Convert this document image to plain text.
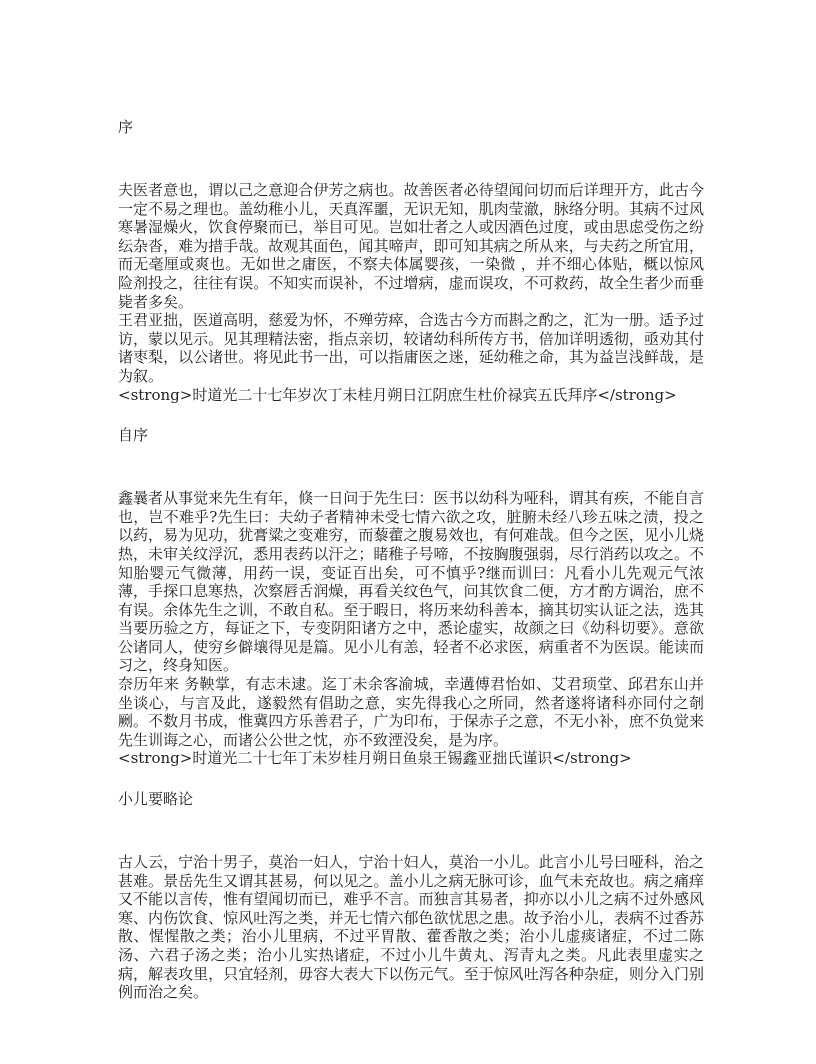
序

夫医者意也，谓以己之意迎合伊芳之病也。故善医者必待望闻问切而后详理开方，此古今一定不易之理也。盖幼稚小儿，天真浑噩，无识无知，肌肉莹澈，脉络分明。其病不过风寒暑湿燥火，饮食停聚而已，举目可见。岂如壮者之人或因酒色过度，或由思虑受伤之纷纭杂沓，难为措手哉。故观其面色，闻其啼声，即可知其病之所从来，与夫药之所宜用，而无毫厘或爽也。无如世之庸医，不察夫体属婴孩，一染微 ，并不细心体贴，概以惊风险剂投之，往往有误。不知实而误补，不过增病，虚而误攻，不可救药，故全生者少而垂毙者多矣。

王君亚拙，医道高明，慈爱为怀，不殚劳瘁，合选古今方而斟之酌之，汇为一册。适予过访，蒙以见示。见其理精法密，指点亲切，较诸幼科所传方书，倍加详明透彻，亟劝其付诸枣梨，以公诸世。将见此书一出，可以指庸医之迷，延幼稚之命，其为益岂浅鲜哉，是为叙。

<strong>时道光二十七年岁次丁未桂月朔日江阴庶生杜价禄宾五氏拜序</strong>

自序

鑫曩者从事觉来先生有年，倏一日问于先生曰：医书以幼科为哑科，谓其有疾，不能自言也，岂不难乎?先生曰：夫幼子者精神未受七情六欲之攻，脏腑未经八珍五味之渍，投之以药，易为见功，犹膏粱之变难穷，而藜藿之腹易效也，有何难哉。但今之医，见小儿烧热，未审关纹浮沉，悉用表药以汗之；睹稚子号啼，不按胸腹强弱，尽行消药以攻之。不知胎婴元气微薄，用药一误，变证百出矣，可不慎乎?继而训曰：凡看小儿先观元气浓薄，手探口息寒热，次察唇舌润燥，再看关纹色气，问其饮食二便，方才酌方调治，庶不有误。余体先生之训，不敢自私。至于暇日，将历来幼科善本，摘其切实认证之法，选其当要历验之方，每证之下，专变阴阳诸方之中，悉论虚实，故颜之曰《幼科切要》。意欲公诸同人，使穷乡僻壤得见是篇。见小儿有恙，轻者不必求医，病重者不为医误。能读而习之，终身知医。

奈历年来 务鞅掌，有志未逮。迄丁未余客渝城，幸遘傅君怡如、艾君顼堂、邱君东山并坐谈心，与言及此，遂毅然有倡助之意，实先得我心之所同，然者遂将诸科亦同付之剞劂。不数月书成，惟冀四方乐善君子，广为印布，于保赤子之意，不无小补，庶不负觉来先生训诲之心，而诸公公世之忱，亦不致湮没矣，是为序。

<strong>时道光二十七年丁未岁桂月朔日鱼泉王锡鑫亚拙氏谨识</strong>

小儿要略论

古人云，宁治十男子，莫治一妇人，宁治十妇人，莫治一小儿。此言小儿号曰哑科，治之甚难。景岳先生又谓其甚易，何以见之。盖小儿之病无脉可诊，血气未充故也。病之痛痒又不能以言传，惟有望闻切而已，难乎不言。而独言其易者，抑亦以小儿之病不过外感风寒、内伤饮食、惊风吐泻之类，并无七情六郁色欲忧思之患。故予治小儿，表病不过香苏散、惺惺散之类；治小儿里病，不过平胃散、藿香散之类；治小儿虚痰诸症，不过二陈汤、六君子汤之类；治小儿实热诸症，不过小儿牛黄丸、泻青丸之类。凡此表里虚实之病，解表攻里，只宜轻剂，毋容大表大下以伤元气。至于惊风吐泻各种杂症，则分入门别例而治之矣。
